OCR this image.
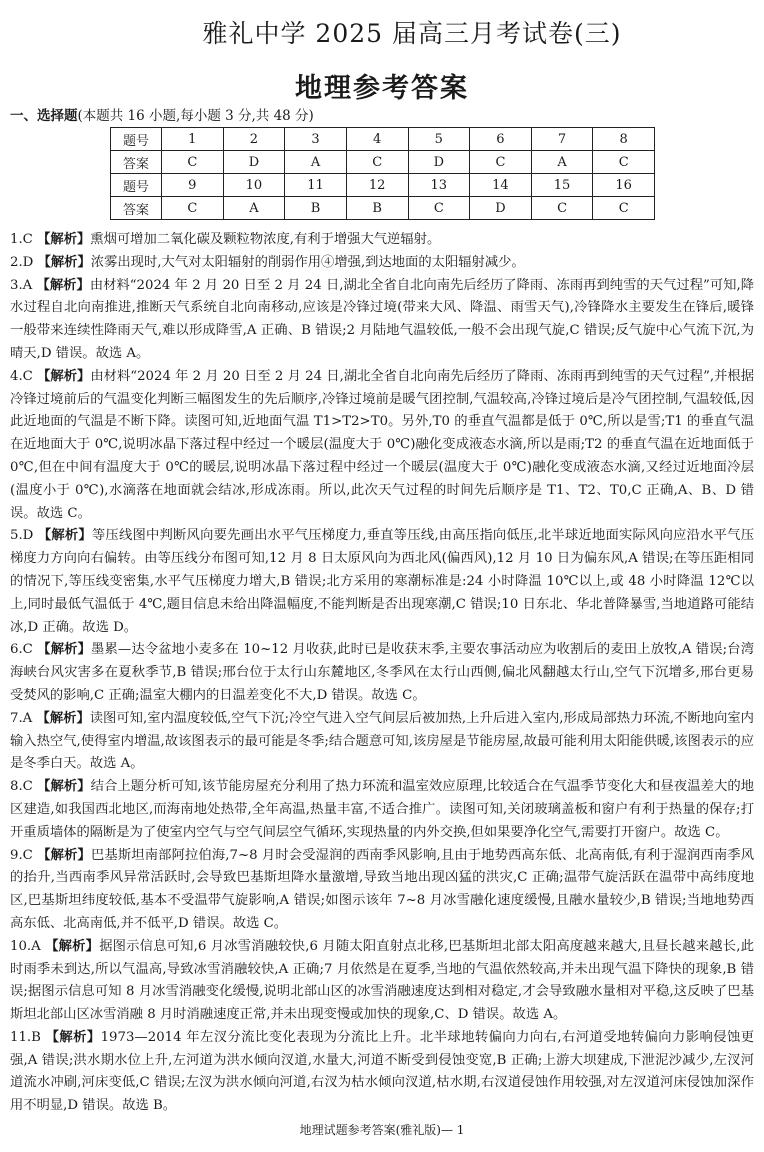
雅礼中学 2025 届高三月考试卷(三)
地理参考答案
一、选择题(本题共 16 小题,每小题 3 分,共 48 分)
题号	1	2	3	4	5	6	7	8
答案	C	D	A	C	D	C	A	C
题号	9	10	11	12	13	14	15	16
答案	C	A	B	B	C	D	C	C

1.C 【解析】熏烟可增加二氧化碳及颗粒物浓度,有利于增强大气逆辐射。

2.D 【解析】浓雾出现时,大气对太阳辐射的削弱作用④增强,到达地面的太阳辐射减少。

3.A 【解析】由材料“2024 年 2 月 20 日至 2 月 24 日,湖北全省自北向南先后经历了降雨、冻雨再到纯雪的天气过程”可知,降水过程自北向南推进,推断天气系统自北向南移动,应该是冷锋过境(带来大风、降温、雨雪天气),冷锋降水主要发生在锋后,暖锋一般带来连续性降雨天气,难以形成降雪,A 正确、B 错误;2 月陆地气温较低,一般不会出现气旋,C 错误;反气旋中心气流下沉,为晴天,D 错误。故选 A。

4.C 【解析】由材料“2024 年 2 月 20 日至 2 月 24 日,湖北全省自北向南先后经历了降雨、冻雨再到纯雪的天气过程”,并根据冷锋过境前后的气温变化判断三幅图发生的先后顺序,冷锋过境前是暖气团控制,气温较高,冷锋过境后是冷气团控制,气温较低,因此近地面的气温是不断下降。读图可知,近地面气温 T1>T2>T0。另外,T0 的垂直气温都是低于 0℃,所以是雪;T1 的垂直气温在近地面大于 0℃,说明冰晶下落过程中经过一个暖层(温度大于 0℃)融化变成液态水滴,所以是雨;T2 的垂直气温在近地面低于 0℃,但在中间有温度大于 0℃的暖层,说明冰晶下落过程中经过一个暖层(温度大于 0℃)融化变成液态水滴,又经过近地面冷层(温度小于 0℃),水滴落在地面就会结冰,形成冻雨。所以,此次天气过程的时间先后顺序是 T1、T2、T0,C 正确,A、B、D 错误。故选 C。

5.D 【解析】等压线图中判断风向要先画出水平气压梯度力,垂直等压线,由高压指向低压,北半球近地面实际风向应沿水平气压梯度力方向向右偏转。由等压线分布图可知,12 月 8 日太原风向为西北风(偏西风),12 月 10 日为偏东风,A 错误;在等压距相同的情况下,等压线变密集,水平气压梯度力增大,B 错误;北方采用的寒潮标准是:24 小时降温 10℃以上,或 48 小时降温 12℃以上,同时最低气温低于 4℃,题目信息未给出降温幅度,不能判断是否出现寒潮,C 错误;10 日东北、华北普降暴雪,当地道路可能结冰,D 正确。故选 D。

6.C 【解析】墨累—达令盆地小麦多在 10~12 月收获,此时已是收获末季,主要农事活动应为收割后的麦田上放牧,A 错误;台湾海峡台风灾害多在夏秋季节,B 错误;邢台位于太行山东麓地区,冬季风在太行山西侧,偏北风翻越太行山,空气下沉增多,邢台更易受焚风的影响,C 正确;温室大棚内的日温差变化不大,D 错误。故选 C。

7.A 【解析】读图可知,室内温度较低,空气下沉;冷空气进入空气间层后被加热,上升后进入室内,形成局部热力环流,不断地向室内输入热空气,使得室内增温,故该图表示的最可能是冬季;结合题意可知,该房屋是节能房屋,故最可能利用太阳能供暖,该图表示的应是冬季白天。故选 A。

8.C 【解析】结合上题分析可知,该节能房屋充分利用了热力环流和温室效应原理,比较适合在气温季节变化大和昼夜温差大的地区建造,如我国西北地区,而海南地处热带,全年高温,热量丰富,不适合推广。读图可知,关闭玻璃盖板和窗户有利于热量的保存;打开重质墙体的隔断是为了使室内空气与空气间层空气循环,实现热量的内外交换,但如果要净化空气,需要打开窗户。故选 C。

9.C 【解析】巴基斯坦南部阿拉伯海,7~8 月时会受湿润的西南季风影响,且由于地势西高东低、北高南低,有利于湿润西南季风的抬升,当西南季风异常活跃时,会导致巴基斯坦降水量激增,导致当地出现凶猛的洪灾,C 正确;温带气旋活跃在温带中高纬度地区,巴基斯坦纬度较低,基本不受温带气旋影响,A 错误;如图示该年 7~8 月冰雪融化速度缓慢,且融水量较少,B 错误;当地地势西高东低、北高南低,并不低平,D 错误。故选 C。

10.A 【解析】据图示信息可知,6 月冰雪消融较快,6 月随太阳直射点北移,巴基斯坦北部太阳高度越来越大,且昼长越来越长,此时雨季未到达,所以气温高,导致冰雪消融较快,A 正确;7 月依然是在夏季,当地的气温依然较高,并未出现气温下降快的现象,B 错误;据图示信息可知 8 月冰雪消融变化缓慢,说明北部山区的冰雪消融速度达到相对稳定,才会导致融水量相对平稳,这反映了巴基斯坦北部山区冰雪消融 8 月时消融速度正常,并未出现变慢或加快的现象,C、D 错误。故选 A。

11.B 【解析】1973—2014 年左汊分流比变化表现为分流比上升。北半球地转偏向力向右,右河道受地转偏向力影响侵蚀更强,A 错误;洪水期水位上升,左河道为洪水倾向汊道,水量大,河道不断受到侵蚀变宽,B 正确;上游大坝建成,下泄泥沙减少,左汊河道流水冲刷,河床变低,C 错误;左汊为洪水倾向河道,右汊为枯水倾向汊道,枯水期,右汊道侵蚀作用较强,对左汊道河床侵蚀加深作用不明显,D 错误。故选 B。

地理试题参考答案(雅礼版)— 1
